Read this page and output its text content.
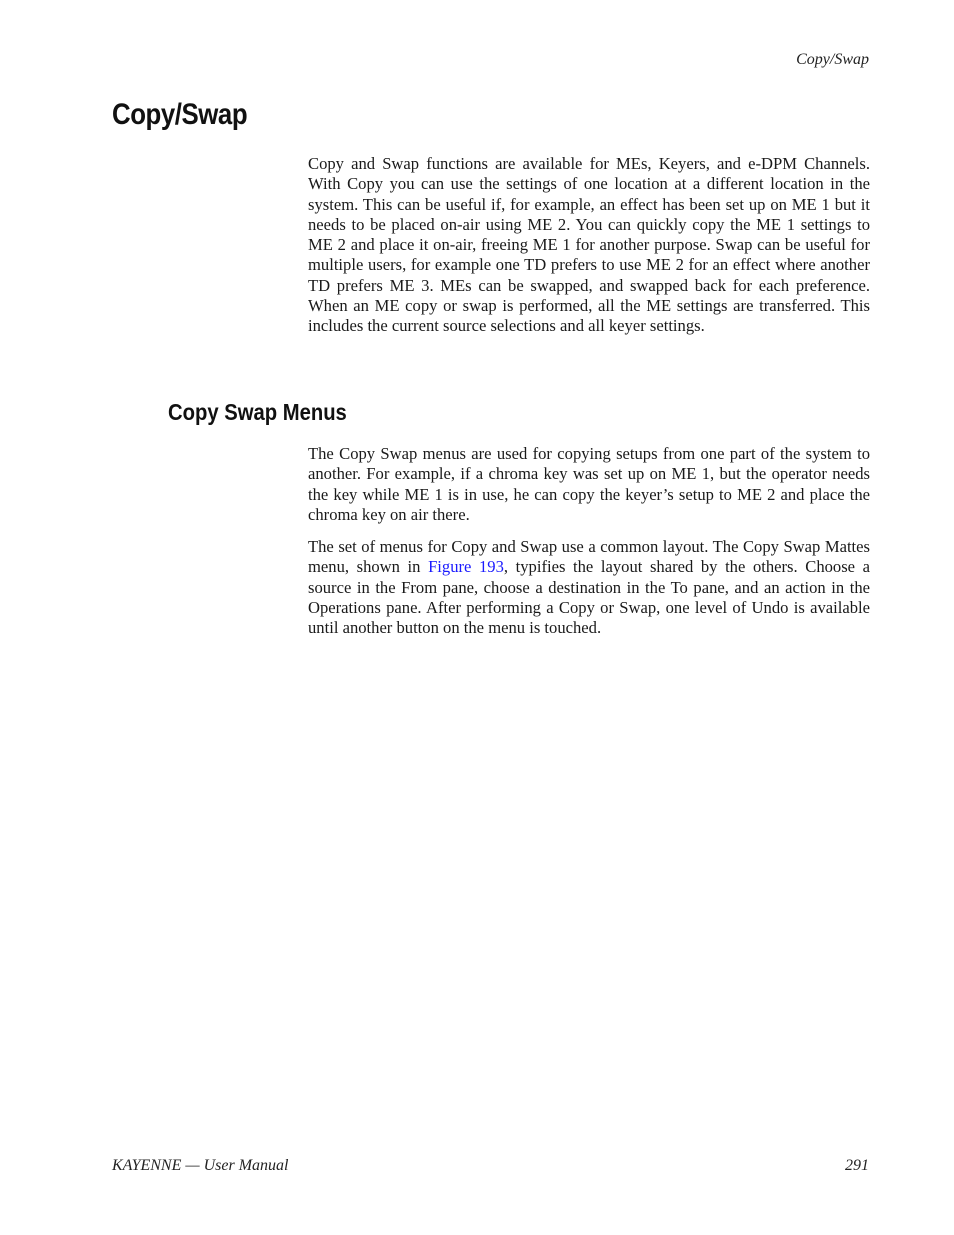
Copy/Swap
Copy/Swap

Copy and Swap functions are available for MEs, Keyers, and e-DPM Channels. With Copy you can use the settings of one location at a different location in the system. This can be useful if, for example, an effect has been set up on ME 1 but it needs to be placed on-air using ME 2. You can quickly copy the ME 1 settings to ME 2 and place it on-air, freeing ME 1 for another purpose. Swap can be useful for multiple users, for example one TD prefers to use ME 2 for an effect where another TD prefers ME 3. MEs can be swapped, and swapped back for each preference. When an ME copy or swap is performed, all the ME settings are transferred. This includes the current source selections and all keyer settings.

Copy Swap Menus

The Copy Swap menus are used for copying setups from one part of the system to another. For example, if a chroma key was set up on ME 1, but the operator needs the key while ME 1 is in use, he can copy the keyer’s setup to ME 2 and place the chroma key on air there.

The set of menus for Copy and Swap use a common layout. The Copy Swap Mattes menu, shown in Figure 193, typifies the layout shared by the others. Choose a source in the From pane, choose a destination in the To pane, and an action in the Operations pane. After performing a Copy or Swap, one level of Undo is available until another button on the menu is touched.

KAYENNE — User Manual	291
